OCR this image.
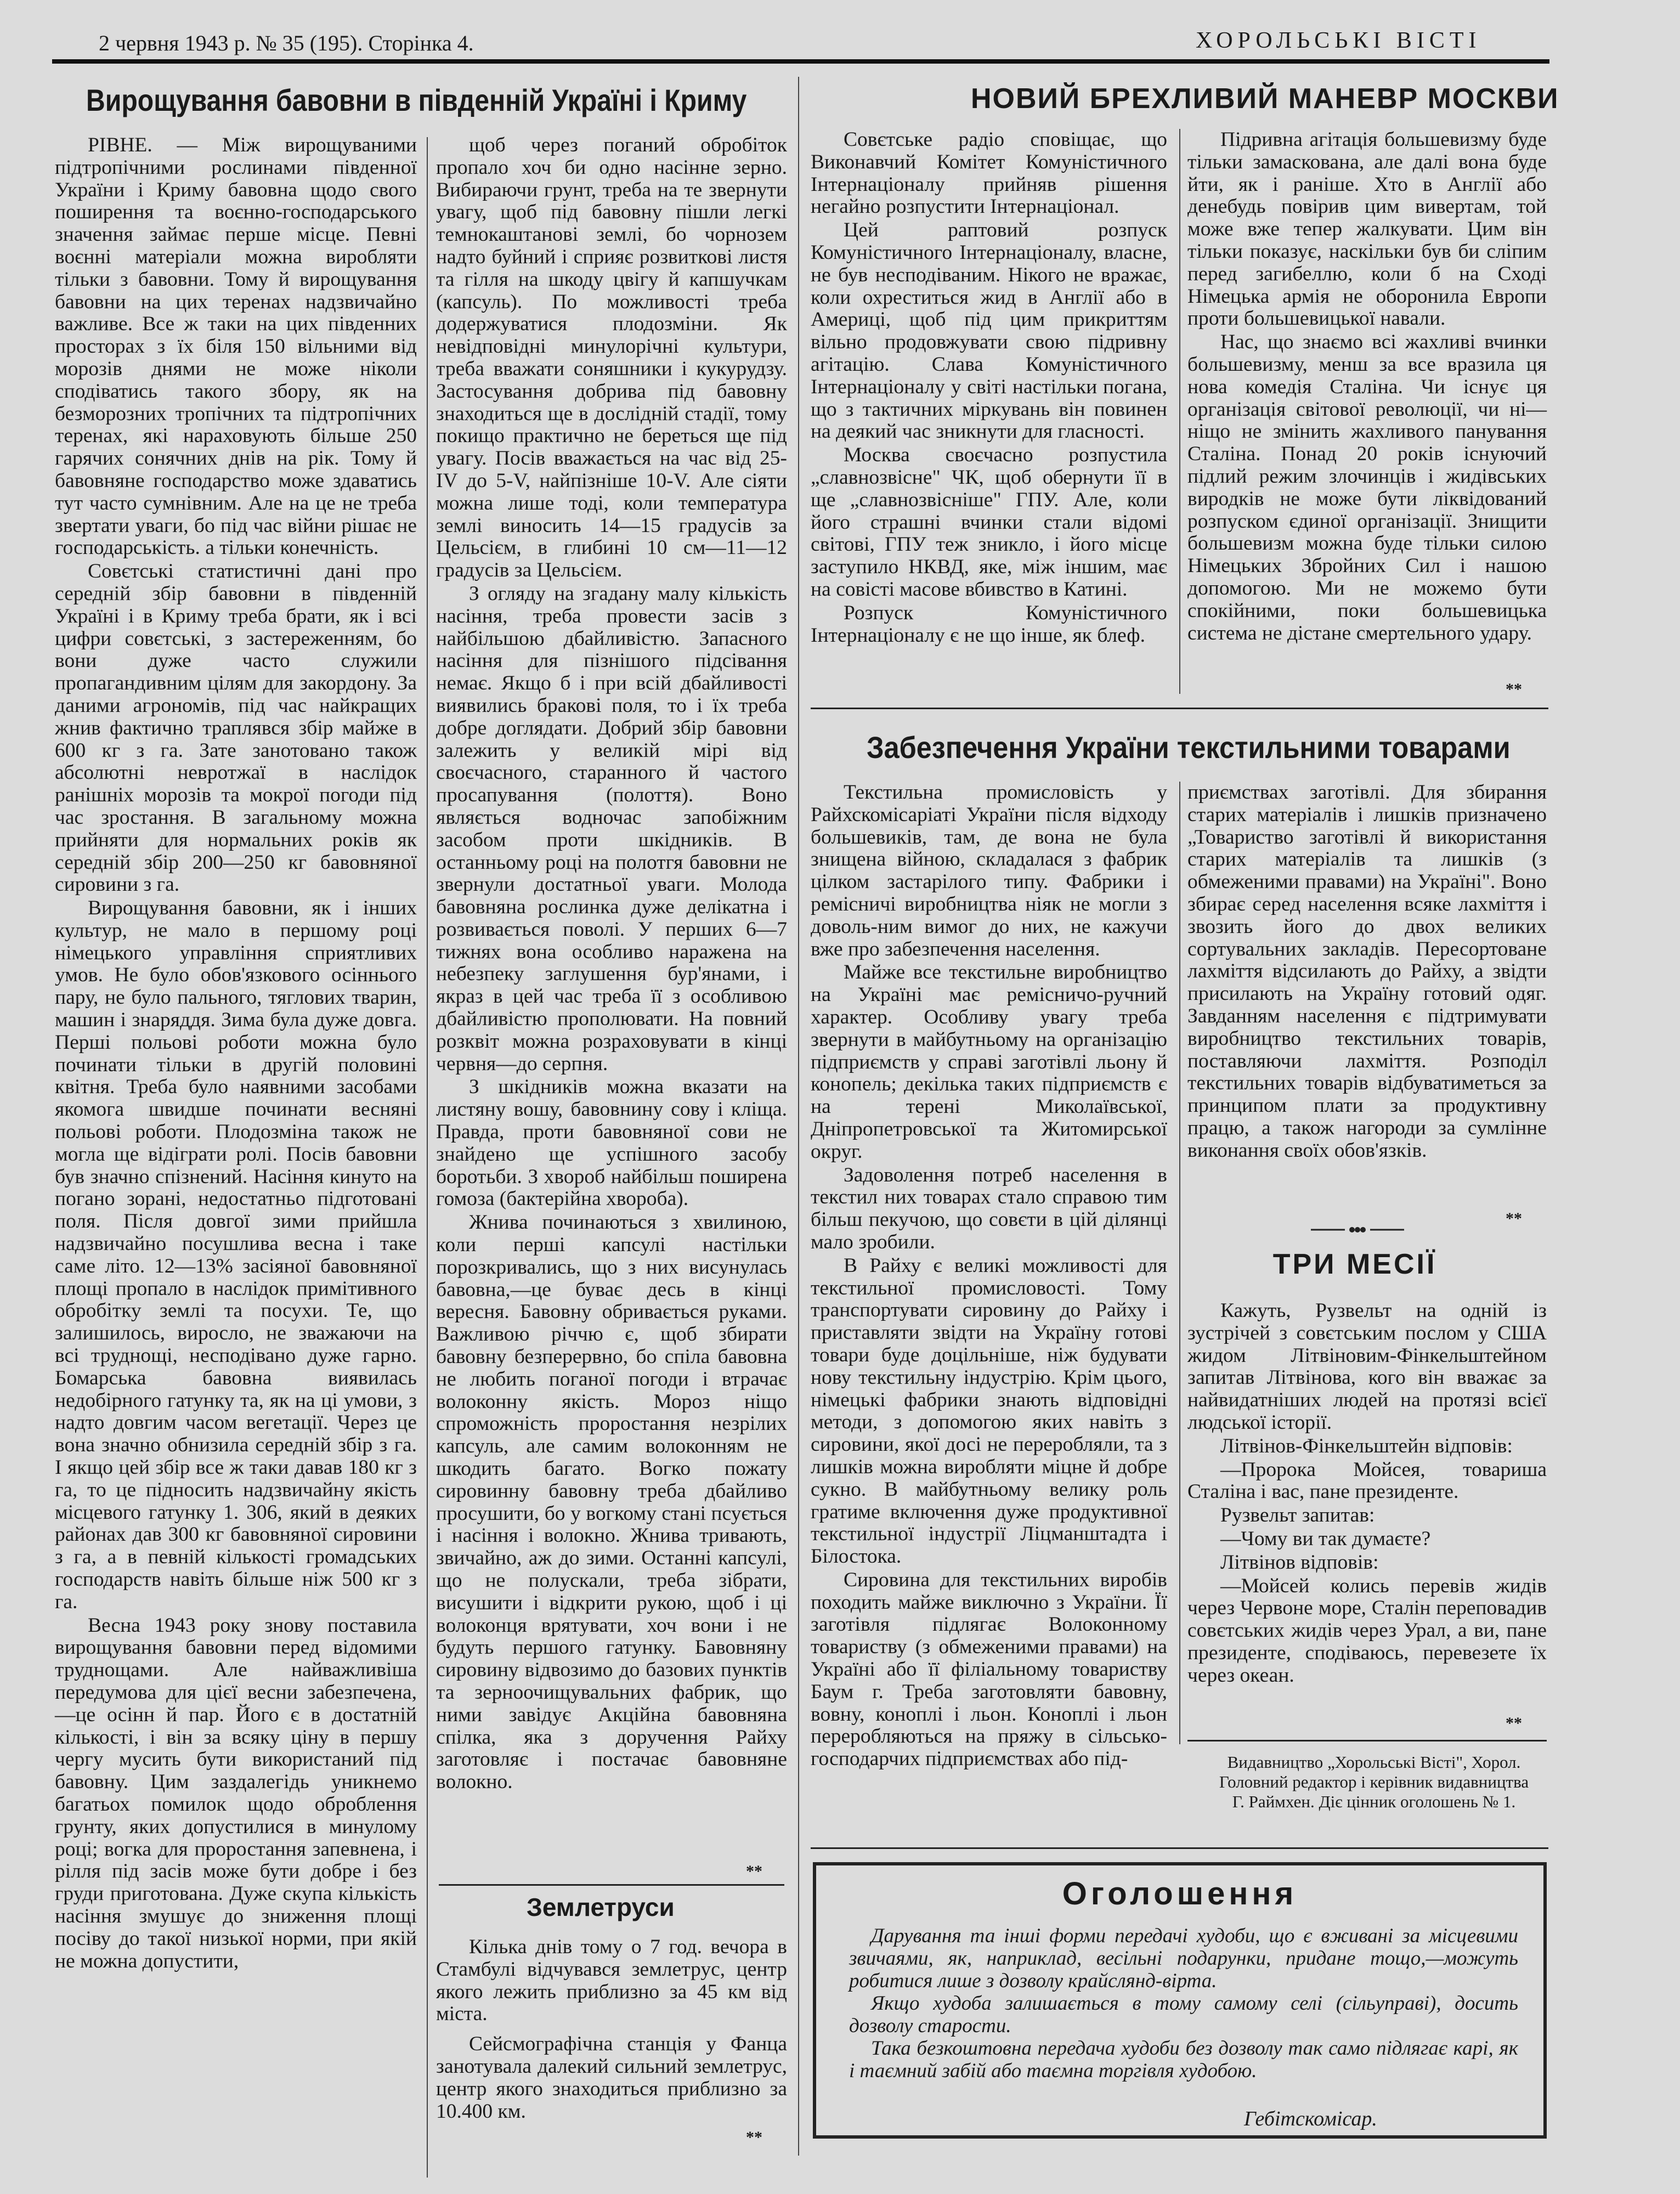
2 червня 1943 р. № 35 (195). Сторінка 4.	ХОРОЛЬСЬКІ ВІСТІ
Вирощування бавовни в південній Україні і Криму

РІВНЕ. — Між вирощуваними підтропічними рослинами південної України і Криму бавовна щодо свого поширення та воєнно-господарського значення займає перше місце. Певні воєнні матеріали можна виробляти тільки з бавовни. Тому й вирощування бавовни на цих теренах надзвичайно важливе. Все ж таки на цих південних просторах з їх біля 150 вільними від морозів днями не може ніколи сподіватись такого збору, як на безморозних тропічних та підтропічних теренах, які нараховують більше 250 гарячих сонячних днів на рік. Тому й бавовняне господарство може здаватись тут часто сумнівним. Але на це не треба звертати уваги, бо під час війни рішає не господарськість. а тільки конечність.

Совєтські статистичні дані про середній збір бавовни в південній Україні і в Криму треба брати, як і всі цифри совєтські, з застереженням, бо вони дуже часто служили пропагандивним цілям для закордону. За даними агрономів, під час найкращих жнив фактично траплявся збір майже в 600 кг з га. Зате занотовано також абсолютні невротжаї в наслідок ранішніх морозів та мокрої погоди під час зростання. В загальному можна прийняти для нормальних років як середній збір 200—250 кг бавовняної сировини з га.

Вирощування бавовни, як і інших культур, не мало в першому році німецького управління сприятливих умов. Не було обов'язкового осіннього пару, не було пального, тяглових тварин, машин і знаряддя. Зима була дуже довга. Перші польові роботи можна було починати тільки в другій половині квітня. Треба було наявними засобами якомога швидше починати весняні польові роботи. Плодозміна також не могла ще відіграти ролі. Посів бавовни був значно спізнений. Насіння кинуто на погано зорані, недостатньо підготовані поля. Після довгої зими прийшла надзвичайно посушлива весна і таке саме літо. 12—13% засіяної бавовняної площі пропало в наслідок примітивного обробітку землі та посухи. Те, що залишилось, виросло, не зважаючи на всі труднощі, несподівано дуже гарно. Бомарська бавовна виявилась недобірного гатунку та, як на ці умови, з надто довгим часом вегетації. Через це вона значно обнизила середній збір з га. І якщо цей збір все ж таки давав 180 кг з га, то це підносить надзвичайну якість місцевого гатунку 1. 306, який в деяких районах дав 300 кг бавовняної сировини з га, а в певній кількості громадських господарств навіть більше ніж 500 кг з га.

Весна 1943 року знову поставила вирощування бавовни перед відомими труднощами. Але найважливіша передумова для цієї весни забезпечена,—це осінн й пар. Його є в достатній кількості, і він за всяку ціну в першу чергу мусить бути використаний під бавовну. Цим заздалегідь уникнемо багатьох помилок щодо оброблення грунту, яких допустилися в минулому році; вогка для проростання запевнена, і рілля під засів може бути добре і без груди приготована. Дуже скупа кількість насіння змушує до зниження площі посіву до такої низької норми, при якій не можна допустити,

щоб через поганий обробіток пропало хоч би одно насінне зерно. Вибираючи грунт, треба на те звернути увагу, щоб під бавовну пішли легкі темнокаштанові землі, бо чорнозем надто буйний і сприяє розвиткові листя та гілля на шкоду цвігу й капшучкам (капсуль). По можливості треба додержуватися плодозміни. Як невідповідні минулорічні культури, треба вважати соняшники і кукурудзу. Застосування добрива під бавовну знаходиться ще в дослідній стадії, тому покищо практично не береться ще під увагу. Посів вважається на час від 25-IV до 5-V, найпізніше 10-V. Але сіяти можна лише тоді, коли температура землі виносить 14—15 градусів за Цельсієм, в глибині 10 см—11—12 градусів за Цельсієм.

З огляду на згадану малу кількість насіння, треба провести засів з найбільшою дбайливістю. Запасного насіння для пізнішого підсівання немає. Якщо б і при всій дбайливості виявились бракові поля, то і їх треба добре доглядати. Добрий збір бавовни залежить у великій мірі від своєчасного, старанного й частого просапування (полоття). Воно являється водночас запобіжним засобом проти шкідників. В останньому році на полотгя бавовни не звернули достатньої уваги. Молода бавовняна рослинка дуже делікатна і розвивається поволі. У перших 6—7 тижнях вона особливо наражена на небезпеку заглушення бур'янами, і якраз в цей час треба її з особливою дбайливістю прополювати. На повний розквіт можна розраховувати в кінці червня—до серпня.

З шкідників можна вказати на листяну вошу, бавовнину сову і кліща. Правда, проти бавовняної сови не знайдено ще успішного засобу боротьби. З хвороб найбільш поширена гомоза (бактерійна хвороба).

Жнива починаються з хвилиною, коли перші капсулі настільки порозкривались, що з них висунулась бавовна,—це буває десь в кінці вересня. Бавовну обривається руками. Важливою річчю є, щоб збирати бавовну безперервно, бо спіла бавовна не любить поганої погоди і втрачає волоконну якість. Мороз ніщо спроможність проростання незрілих капсуль, але самим волоконням не шкодить багато. Вогко пожату сировинну бавовну треба дбайливо просушити, бо у вогкому стані псується і насіння і волокно. Жнива тривають, звичайно, аж до зими. Останні капсулі, що не полускали, треба зібрати, висушити і відкрити рукою, щоб і ці волоконця врятувати, хоч вони і не будуть першого гатунку. Бавовняну сировину відвозимо до базових пунктів та зерноочищувальних фабрик, що ними завідує Акційна бавовняна спілка, яка з доручення Райху заготовляє і постачає бавовняне волокно.

**
Землетруси

Кілька днів тому о 7 год. вечора в Стамбулі відчувався землетрус, центр якого лежить приблизно за 45 км від міста.

Сейсмографічна станція у Фанца занотувала далекий сильний землетрус, центр якого знаходиться приблизно за 10.400 км.

**
НОВИЙ БРЕХЛИВИЙ МАНЕВР МОСКВИ

Совєтське радіо сповіщає, що Виконавчий Комітет Комуністичного Інтернаціоналу прийняв рішення негайно розпустити Інтернаціонал.

Цей раптовий розпуск Комуністичного Інтернаціоналу, власне, не був несподіваним. Нікого не вражає, коли охреститься жид в Англії або в Америці, щоб під цим прикриттям вільно продовжувати свою підривну агітацію. Слава Комуністичного Інтернаціоналу у світі настільки погана, що з тактичних міркувань він повинен на деякий час зникнути для гласності.

Москва своєчасно розпустила „славнозвісне" ЧК, щоб обернути її в ще „славнозвісніше" ГПУ. Але, коли його страшні вчинки стали відомі світові, ГПУ теж зникло, і його місце заступило НКВД, яке, між іншим, має на совісті масове вбивство в Катині.

Розпуск Комуністичного Інтернаціоналу є не що інше, як блеф.

Підривна агітація большевизму буде тільки замаскована, але далі вона буде йти, як і раніше. Хто в Англії або денебудь повірив цим вивертам, той може вже тепер жалкувати. Цим він тільки показує, наскільки був би сліпим перед загибеллю, коли б на Сході Німецька армія не оборонила Европи проти большевицької навали.

Нас, що знаємо всі жахливі вчинки большевизму, менш за все вразила ця нова комедія Сталіна. Чи існує ця організація світової революції, чи ні—ніщо не змінить жахливого панування Сталіна. Понад 20 років існуючий підлий режим злочинців і жидівських виродків не може бути ліквідований розпуском єдиної організації. Знищити большевизм можна буде тільки силою Німецьких Збройних Сил і нашою допомогою. Ми не можемо бути спокійними, поки большевицька система не дістане смертельного удару.

**
Забезпечення України текстильними товарами

Текстильна промисловість у Райхскомісаріаті України після відходу большевиків, там, де вона не була знищена війною, складалася з фабрик цілком застарілого типу. Фабрики і ремісничі виробництва ніяк не могли з доволь-ним вимог до них, не кажучи вже про забезпечення населення.

Майже все текстильне виробництво на Україні має ремісничо-ручний характер. Особливу увагу треба звернути в майбутньому на організацію підприємств у справі заготівлі льону й конопель; декілька таких підприємств є на терені Миколаївської, Дніпропетровської та Житомирської округ.

Задоволення потреб населення в текстил них товарах стало справою тим більш пекучою, що совєти в цій ділянці мало зробили.

В Райху є великі можливості для текстильної промисловості. Тому транспортувати сировину до Райху і приставляти звідти на Україну готові товари буде доцільніше, ніж будувати нову текстильну індустрію. Крім цього, німецькі фабрики знають відповідні методи, з допомогою яких навіть з сировини, якої досі не переробляли, та з лишків можна виробляти міцне й добре сукно. В майбутньому велику роль гратиме включення дуже продуктивної текстильної індустрії Ліцманштадта і Білостока.

Сировина для текстильних виробів походить майже виключно з України. Її заготівля підлягає Волоконному товариству (з обмеженими правами) на Україні або її філіальному товариству Баум г. Треба заготовляти бавовну, вовну, коноплі і льон. Коноплі і льон переробляються на пряжу в сільсько-господарчих підприємствах або під-

приємствах заготівлі. Для збирання старих матеріалів і лишків призначено „Товариство заготівлі й використання старих матеріалів та лишків (з обмеженими правами) на Україні". Воно збирає серед населення всяке лахміття і звозить його до двох великих сортувальних закладів. Пересортоване лахміття відсилають до Райху, а звідти присилають на Україну готовий одяг. Завданням населення є підтримувати виробництво текстильних товарів, поставляючи лахміття. Розподіл текстильних товарів відбуватиметься за принципом плати за продуктивну працю, а також нагороди за сумлінне виконання своїх обов'язків.

**
ТРИ МЕСІЇ

Кажуть, Рузвельт на одній із зустрічей з совєтським послом у США жидом Літвіновим-Фінкельштейном запитав Літвінова, кого він вважає за найвидатніших людей на протязі всієї людської історії.

Літвінов-Фінкельштейн відповів:

—Пророка Мойсея, товариша Сталіна і вас, пане президенте.

Рузвельт запитав:

—Чому ви так думаєте?

Літвінов відповів:

—Мойсей колись перевів жидів через Червоне море, Сталін переповадив совєтських жидів через Урал, а ви, пане президенте, сподіваюсь, перевезете їх через океан.

**
Видавництво „Хорольські Вісті", Хорол.
Головний редактор і керівник видавництва
Г. Раймхен. Діє цінник оголошень № 1.
Оголошення

Дарування та інші форми передачі худоби, що є вживані за місцевими звичаями, як, наприклад, весільні подарунки, придане тощо,—можуть робитися лише з дозволу крайслянд-вірта.

Якщо худоба залишається в тому самому селі (сільуправі), досить дозволу старости.

Така безкоштовна передача худоби без дозволу так само підлягає карі, як і таємний забій або таємна торгівля худобою.

Гебітскомісар.
